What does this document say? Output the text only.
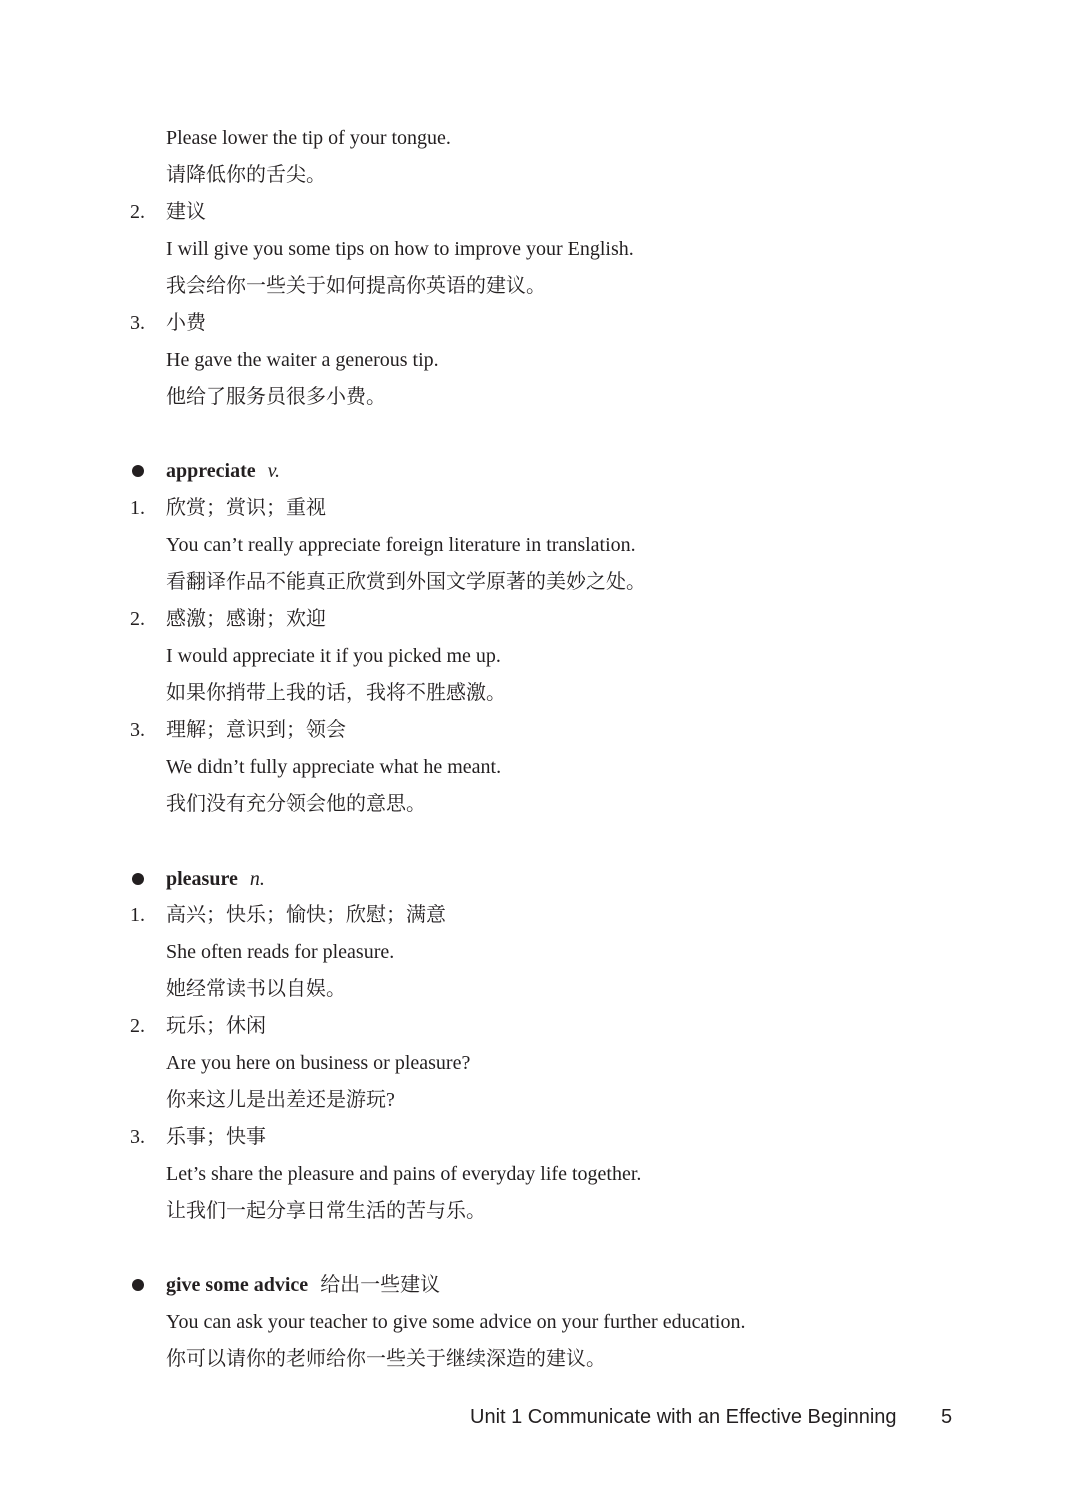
Please lower the tip of your tongue.
请降低你的舌尖。
2. 建议
I will give you some tips on how to improve your English.
我会给你一些关于如何提高你英语的建议。
3. 小费
He gave the waiter a generous tip.
他给了服务员很多小费。
appreciate v.
1. 欣赏；赏识；重视
You can’t really appreciate foreign literature in translation.
看翻译作品不能真正欣赏到外国文学原著的美妙之处。
2. 感激；感谢；欢迎
I would appreciate it if you picked me up.
如果你捎带上我的话，我将不胜感激。
3. 理解；意识到；领会
We didn’t fully appreciate what he meant.
我们没有充分领会他的意思。
pleasure n.
1. 高兴；快乐；愉快；欣慰；满意
She often reads for pleasure.
她经常读书以自娱。
2. 玩乐；休闲
Are you here on business or pleasure?
你来这儿是出差还是游玩?
3. 乐事；快事
Let’s share the pleasure and pains of everyday life together.
让我们一起分享日常生活的苦与乐。
give some advice 给出一些建议
You can ask your teacher to give some advice on your further education.
你可以请你的老师给你一些关于继续深造的建议。
Unit 1 Communicate with an Effective Beginning 5
